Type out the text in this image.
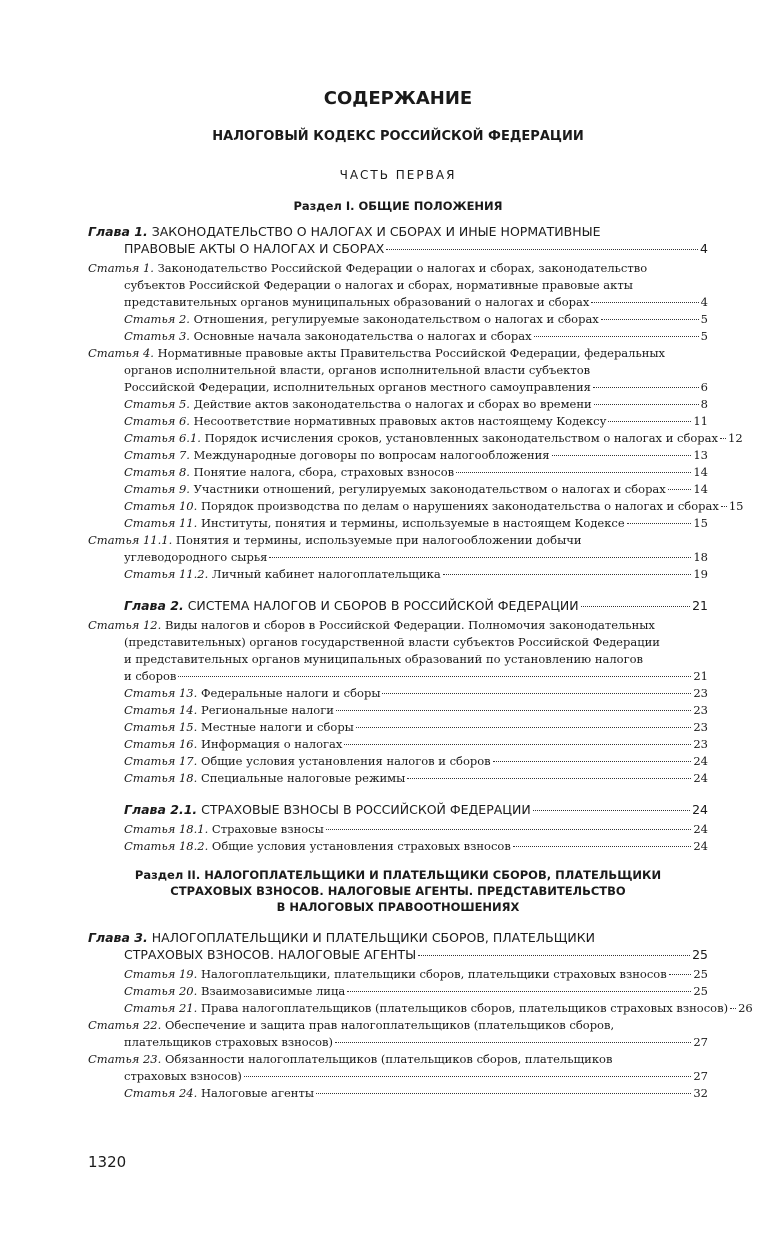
СОДЕРЖАНИЕ
НАЛОГОВЫЙ КОДЕКС РОССИЙСКОЙ ФЕДЕРАЦИИ
ЧАСТЬ ПЕРВАЯ
Раздел I. ОБЩИЕ ПОЛОЖЕНИЯ
Глава 1. ЗАКОНОДАТЕЛЬСТВО О НАЛОГАХ И СБОРАХ И ИНЫЕ НОРМАТИВНЫЕ
ПРАВОВЫЕ АКТЫ О НАЛОГАХ И СБОРАХ	4
Статья 1. Законодательство Российской Федерации о налогах и сборах, законодательство
субъектов Российской Федерации о налогах и сборах, нормативные правовые акты
представительных органов муниципальных образований о налогах и сборах	4
Статья 2. Отношения, регулируемые законодательством о налогах и сборах	5
Статья 3. Основные начала законодательства о налогах и сборах	5
Статья 4. Нормативные правовые акты Правительства Российской Федерации, федеральных
органов исполнительной власти, органов исполнительной власти субъектов
Российской Федерации, исполнительных органов местного самоуправления	6
Статья 5. Действие актов законодательства о налогах и сборах во времени	8
Статья 6. Несоответствие нормативных правовых актов настоящему Кодексу	11
Статья 6.1. Порядок исчисления сроков, установленных законодательством о налогах и сборах 12
Статья 7. Международные договоры по вопросам налогообложения	13
Статья 8. Понятие налога, сбора, страховых взносов	14
Статья 9. Участники отношений, регулируемых законодательством о налогах и сборах 14
Статья 10. Порядок производства по делам о нарушениях законодательства о налогах и сборах 15
Статья 11. Институты, понятия и термины, используемые в настоящем Кодексе	15
Статья 11.1. Понятия и термины, используемые при налогообложении добычи
углеводородного сырья	18
Статья 11.2. Личный кабинет налогоплательщика	19
Глава 2. СИСТЕМА НАЛОГОВ И СБОРОВ В РОССИЙСКОЙ ФЕДЕРАЦИИ	21
Статья 12. Виды налогов и сборов в Российской Федерации. Полномочия законодательных
(представительных) органов государственной власти субъектов Российской Федерации
и представительных органов муниципальных образований по установлению налогов
и сборов	21
Статья 13. Федеральные налоги и сборы	23
Статья 14. Региональные налоги	23
Статья 15. Местные налоги и сборы	23
Статья 16. Информация о налогах	23
Статья 17. Общие условия установления налогов и сборов	24
Статья 18. Специальные налоговые режимы	24
Глава 2.1. СТРАХОВЫЕ ВЗНОСЫ В РОССИЙСКОЙ ФЕДЕРАЦИИ	24
Статья 18.1. Страховые взносы	24
Статья 18.2. Общие условия установления страховых взносов	24
Раздел II. НАЛОГОПЛАТЕЛЬЩИКИ И ПЛАТЕЛЬЩИКИ СБОРОВ, ПЛАТЕЛЬЩИКИ
СТРАХОВЫХ ВЗНОСОВ. НАЛОГОВЫЕ АГЕНТЫ. ПРЕДСТАВИТЕЛЬСТВО
В НАЛОГОВЫХ ПРАВООТНОШЕНИЯХ
Глава 3. НАЛОГОПЛАТЕЛЬЩИКИ И ПЛАТЕЛЬЩИКИ СБОРОВ, ПЛАТЕЛЬЩИКИ
СТРАХОВЫХ ВЗНОСОВ. НАЛОГОВЫЕ АГЕНТЫ	25
Статья 19. Налогоплательщики, плательщики сборов, плательщики страховых взносов 25
Статья 20. Взаимозависимые лица	25
Статья 21. Права налогоплательщиков (плательщиков сборов, плательщиков страховых взносов) 26
Статья 22. Обеспечение и защита прав налогоплательщиков (плательщиков сборов,
плательщиков страховых взносов)	27
Статья 23. Обязанности налогоплательщиков (плательщиков сборов, плательщиков
страховых взносов)	27
Статья 24. Налоговые агенты	32
1320
